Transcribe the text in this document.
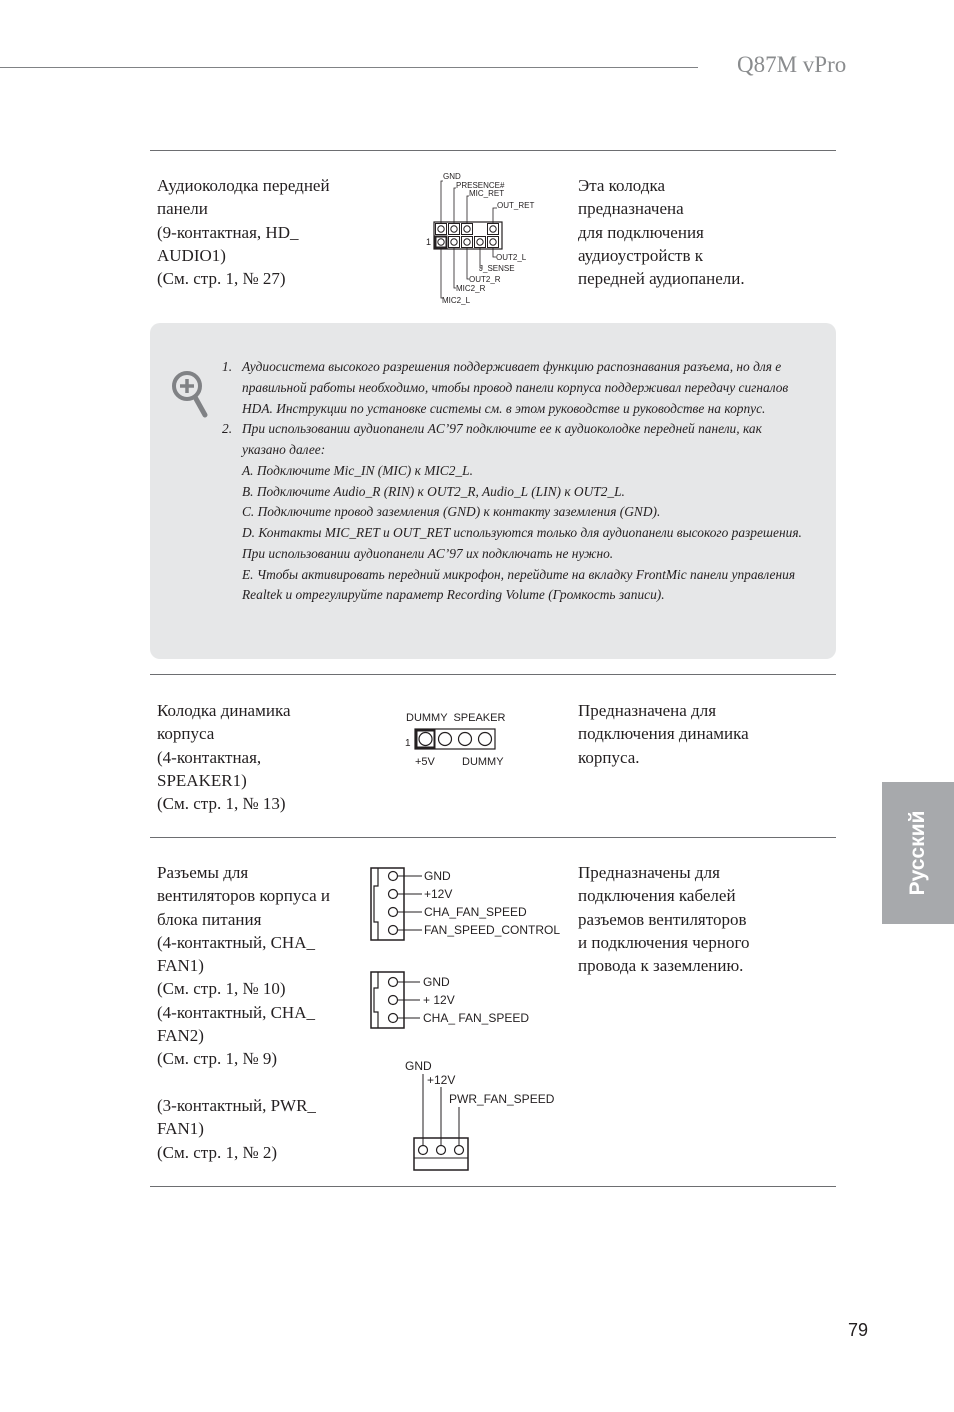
Q87M vPro
Аудиоколодка передней
панели
(9-контактная, HD_
AUDIO1)
(См. стр. 1, № 27)
Эта колодка
предназначена
для подключения
аудиоустройств к
передней аудиопанели.
1
GND
PRESENCE#
MIC_RET
OUT_RET
OUT2_L
J_SENSE
OUT2_R
MIC2_R
MIC2_L
1. Аудиосистема высокого разрешения поддерживает функцию распознавания разъема, но для е правильной работы необходимо, чтобы провод панели корпуса поддерживал передачу сигналов HDA. Инструкции по установке системы см. в этом руководстве и руководстве на корпус.
2. При использовании аудиопанели AC’97 подключите ее к аудиоколодке передней панели, как указано далее:
A. Подключите Mic_IN (MIC) к MIC2_L.
B. Подключите Audio_R (RIN) к OUT2_R, Audio_L (LIN) к OUT2_L.
C. Подключите провод заземления (GND) к контакту заземления (GND).
D. Контакты MIC_RET и OUT_RET используются только для аудиопанели высокого разрешения. При использовании аудиопанели AC’97 их подключать не нужно.
E. Чтобы активировать передний микрофон, перейдите на вкладку FrontMic панели управления Realtek и отрегулируйте параметр Recording Volume (Громкость записи).
Колодка динамика
корпуса
(4-контактная,
SPEAKER1)
(См. стр. 1, № 13)
Предназначена для
подключения динамика
корпуса.
DUMMY  SPEAKER
1
+5V DUMMY
Разъемы для
вентиляторов корпуса и
блока питания
(4-контактный, CHA_
FAN1)
(См. стр. 1, № 10)
(4-контактный, CHA_
FAN2)
(См. стр. 1, № 9)

(3-контактный, PWR_
FAN1)
(См. стр. 1, № 2)
Предназначены для
подключения кабелей
разъемов вентиляторов
и подключения черного
провода к заземлению.
GND
+12V
CHA_FAN_SPEED
FAN_SPEED_CONTROL
GND
+ 12V
CHA_ FAN_SPEED
GND
+12V
PWR_FAN_SPEED
Русский
79
